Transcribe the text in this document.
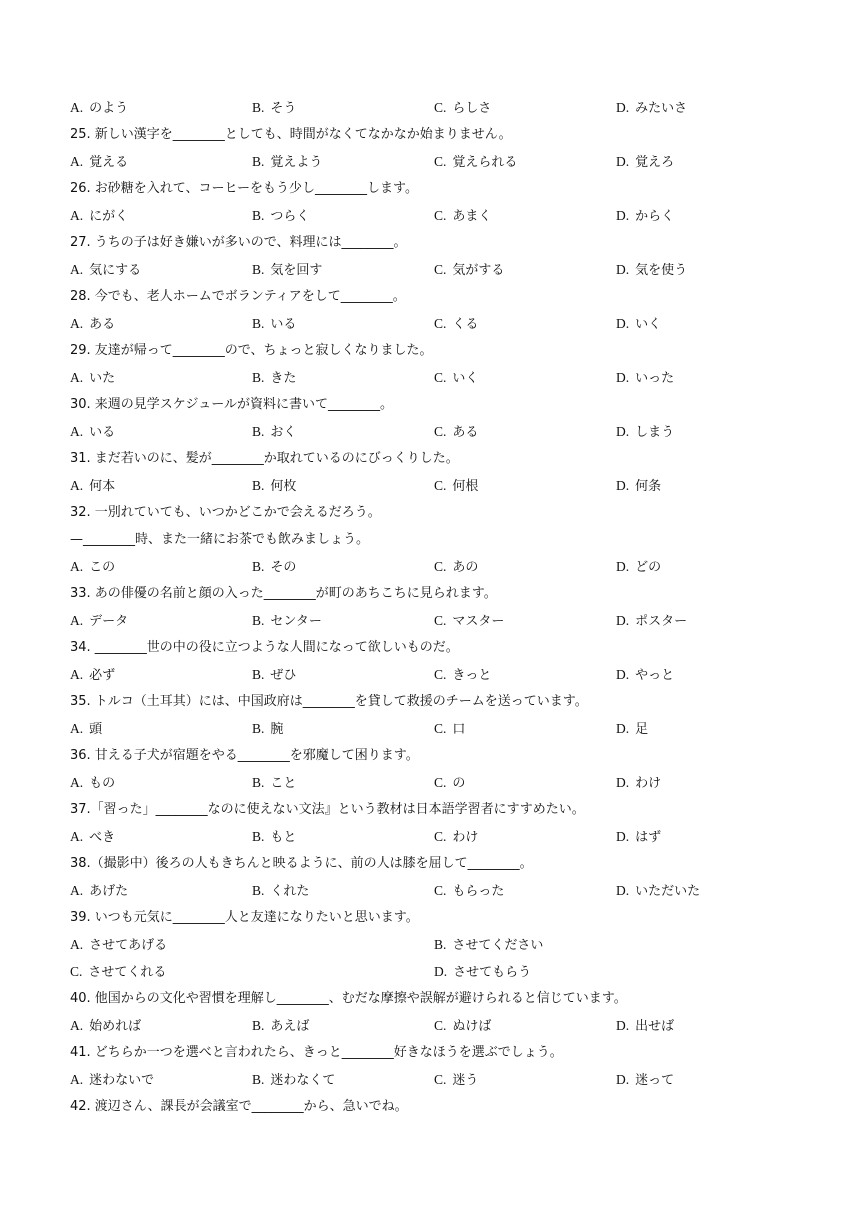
A. のよう	B. そう	C. らしさ	D. みたいさ
25. 新しい漢字を________としても、時間がなくてなかなか始まりません。
A. 覚える	B. 覚えよう	C. 覚えられる	D. 覚えろ
26. お砂糖を入れて、コーヒーをもう少し________します。
A. にがく	B. つらく	C. あまく	D. からく
27. うちの子は好き嫌いが多いので、料理には________。
A. 気にする	B. 気を回す	C. 気がする	D. 気を使う
28. 今でも、老人ホームでボランティアをして________。
A. ある	B. いる	C. くる	D. いく
29. 友達が帰って________ので、ちょっと寂しくなりました。
A. いた	B. きた	C. いく	D. いった
30. 来週の見学スケジュールが資料に書いて________。
A. いる	B. おく	C. ある	D. しまう
31. まだ若いのに、髪が________か取れているのにびっくりした。
A. 何本	B. 何枚	C. 何根	D. 何条
32. 一別れていても、いつかどこかで会えるだろう。
—________時、また一緒にお茶でも飲みましょう。
A. この	B. その	C. あの	D. どの
33. あの俳優の名前と顔の入った________が町のあちこちに見られます。
A. データ	B. センター	C. マスター	D. ポスター
34. ________世の中の役に立つような人間になって欲しいものだ。
A. 必ず	B. ぜひ	C. きっと	D. やっと
35. トルコ（土耳其）には、中国政府は________を貸して救援のチームを送っています。
A. 頭	B. 腕	C. 口	D. 足
36. 甘える子犬が宿題をやる________を邪魔して困ります。
A. もの	B. こと	C. の	D. わけ
37.「習った」________なのに使えない文法』という教材は日本語学習者にすすめたい。
A. べき	B. もと	C. わけ	D. はず
38.（撮影中）後ろの人もきちんと映るように、前の人は膝を屈して________。
A. あげた	B. くれた	C. もらった	D. いただいた
39. いつも元気に________人と友達になりたいと思います。
A. させてあげる	B. させてください
C. させてくれる	D. させてもらう
40. 他国からの文化や習慣を理解し________、むだな摩擦や誤解が避けられると信じています。
A. 始めれば	B. あえば	C. ぬけば	D. 出せば
41. どちらか一つを選べと言われたら、きっと________好きなほうを選ぶでしょう。
A. 迷わないで	B. 迷わなくて	C. 迷う	D. 迷って
42. 渡辺さん、課長が会議室で________から、急いでね。
